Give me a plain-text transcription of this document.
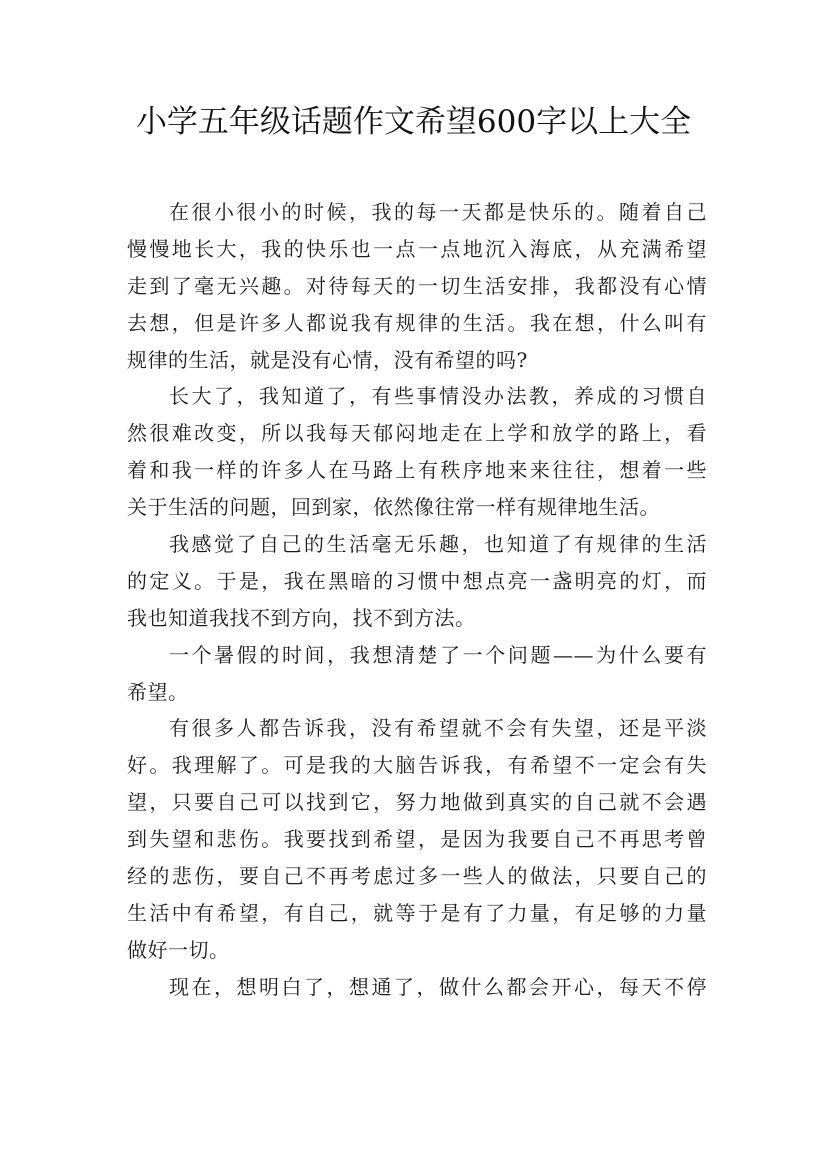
小学五年级话题作文希望600字以上大全
在很小很小的时候，我的每一天都是快乐的。随着自己
慢慢地长大，我的快乐也一点一点地沉入海底，从充满希望
走到了毫无兴趣。对待每天的一切生活安排，我都没有心情
去想，但是许多人都说我有规律的生活。我在想，什么叫有
规律的生活，就是没有心情，没有希望的吗?
长大了，我知道了，有些事情没办法教，养成的习惯自
然很难改变，所以我每天郁闷地走在上学和放学的路上，看
着和我一样的许多人在马路上有秩序地来来往往，想着一些
关于生活的问题，回到家，依然像往常一样有规律地生活。
我感觉了自己的生活毫无乐趣，也知道了有规律的生活
的定义。于是，我在黑暗的习惯中想点亮一盏明亮的灯，而
我也知道我找不到方向，找不到方法。
一个暑假的时间，我想清楚了一个问题——为什么要有
希望。
有很多人都告诉我，没有希望就不会有失望，还是平淡
好。我理解了。可是我的大脑告诉我，有希望不一定会有失
望，只要自己可以找到它，努力地做到真实的自己就不会遇
到失望和悲伤。我要找到希望，是因为我要自己不再思考曾
经的悲伤，要自己不再考虑过多一些人的做法，只要自己的
生活中有希望，有自己，就等于是有了力量，有足够的力量
做好一切。
现在，想明白了，想通了，做什么都会开心，每天不停
